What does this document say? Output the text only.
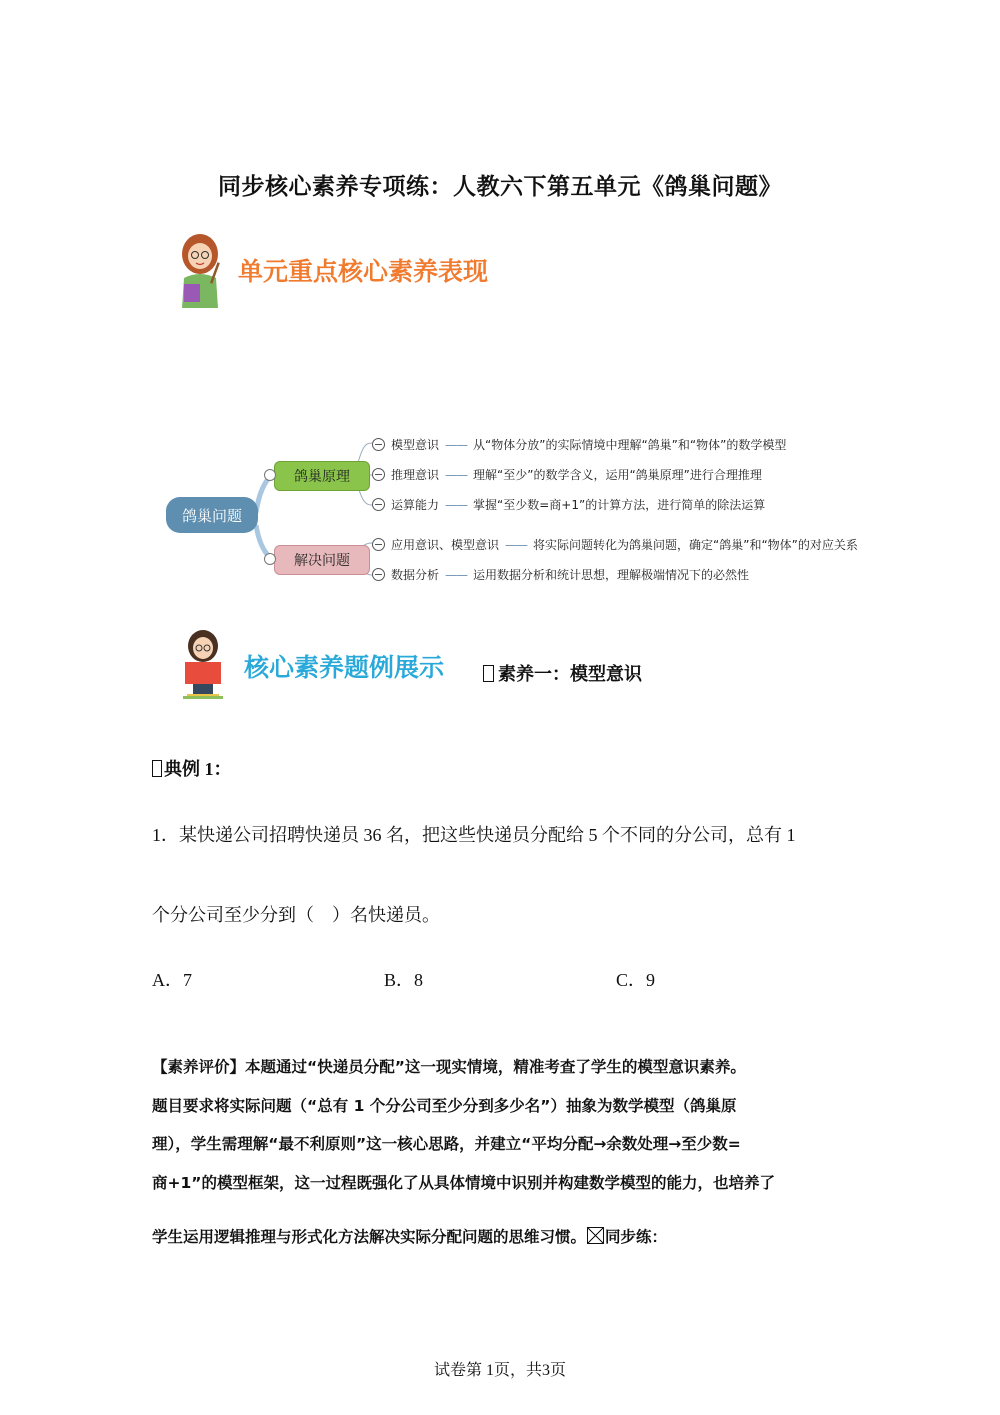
同步核心素养专项练：人教六下第五单元《鸽巢问题》
单元重点核心素养表现
鸽巢问题
鸽巢原理
解决问题
模型意识 —— 从“物体分放”的实际情境中理解“鸽巢”和“物体”的数学模型
推理意识 —— 理解“至少”的数学含义，运用“鸽巢原理”进行合理推理
运算能力 —— 掌握“至少数=商+1”的计算方法，进行简单的除法运算
应用意识、模型意识 —— 将实际问题转化为鸽巢问题，确定“鸽巢”和“物体”的对应关系
数据分析 —— 运用数据分析和统计思想，理解极端情况下的必然性
核心素养题例展示	素养一：模型意识
典例 1：
1．某快递公司招聘快递员 36 名，把这些快递员分配给 5 个不同的分公司，总有 1
个分公司至少分到（    ）名快递员。
A．7	B．8	C．9
【素养评价】本题通过“快递员分配”这一现实情境，精准考查了学生的模型意识素养。
题目要求将实际问题（“总有 1 个分公司至少分到多少名”）抽象为数学模型（鸽巢原
理），学生需理解“最不利原则”这一核心思路，并建立“平均分配→余数处理→至少数=
商+1”的模型框架，这一过程既强化了从具体情境中识别并构建数学模型的能力，也培养了
学生运用逻辑推理与形式化方法解决实际分配问题的思维习惯。 同步练：
试卷第 1页，共3页
